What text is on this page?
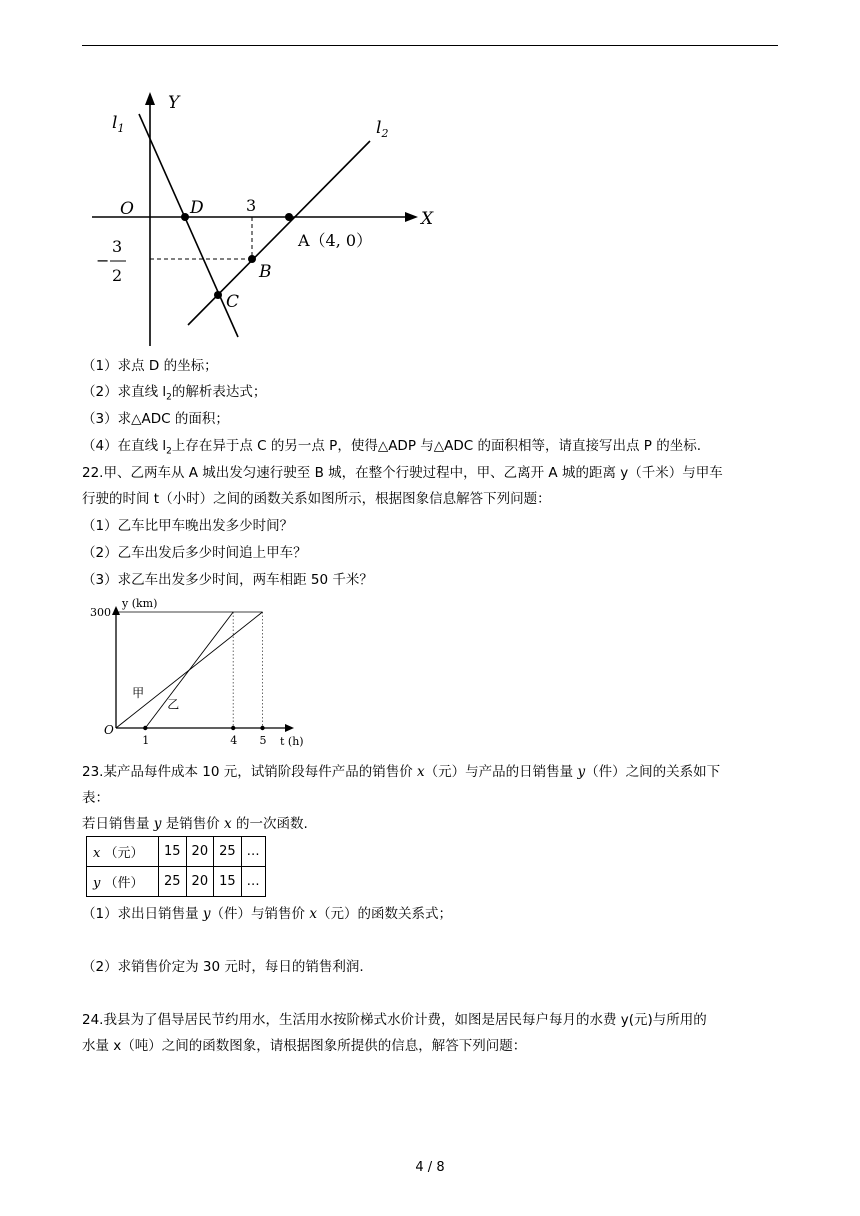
$l_1$	$l_2$
Y
X
O	D
B
C
3
3
2
−
A（4, 0）
（1）求点 D 的坐标；
（2）求直线 $l_2$的解析表达式；
（3）求△ADC 的面积；
（4）在直线 $l_2$上存在异于点 C 的另一点 P，使得△ADP 与△ADC 的面积相等，请直接写出点 P 的坐标.
22.甲、乙两车从 A 城出发匀速行驶至 B 城，在整个行驶过程中，甲、乙离开 A 城的距离 y（千米）与甲车
行驶的时间 t（小时）之间的函数关系如图所示，根据图象信息解答下列问题：
（1）乙车比甲车晚出发多少时间？
（2）乙车出发后多少时间追上甲车？
（3）求乙车出发多少时间，两车相距 50 千米？
y (km)
t (h)
O
300
1	4 5
甲
乙
23.某产品每件成本 10 元，试销阶段每件产品的销售价 x（元）与产品的日销售量 y（件）之间的关系如下
表：
若日销售量 y 是销售价 x 的一次函数.
x （元）	15	20	25	…
y （件）	25	20	15	…
（1）求出日销售量 y（件）与销售价 x（元）的函数关系式；
（2）求销售价定为 30 元时，每日的销售利润.
24.我县为了倡导居民节约用水，生活用水按阶梯式水价计费，如图是居民每户每月的水费 y(元)与所用的
水量 x（吨）之间的函数图象，请根据图象所提供的信息，解答下列问题：
4 / 8
